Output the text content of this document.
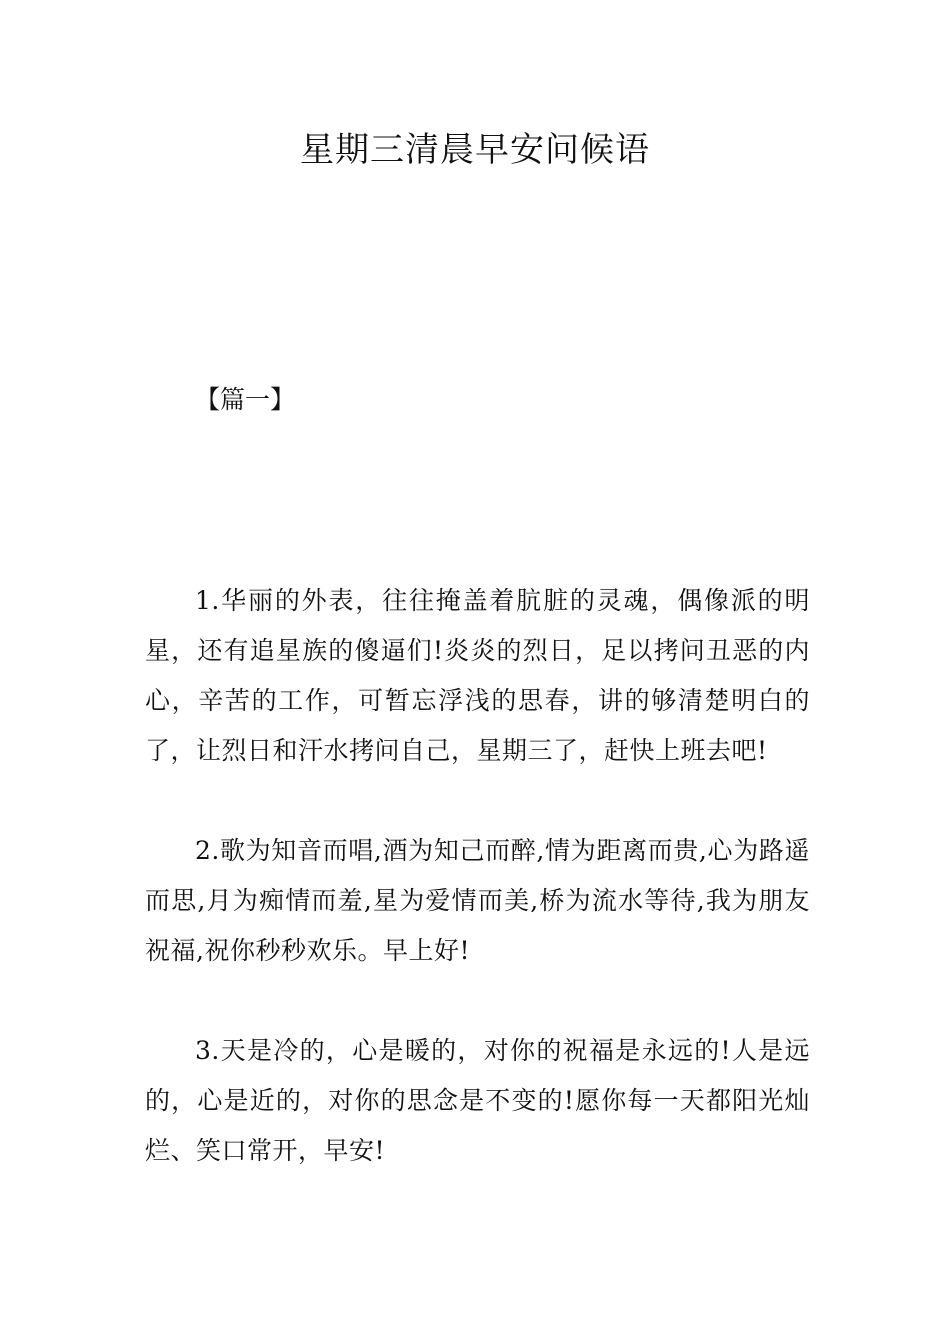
星期三清晨早安问候语

【篇一】

1.华丽的外表，往往掩盖着肮脏的灵魂，偶像派的明星，还有追星族的傻逼们!炎炎的烈日，足以拷问丑恶的内心，辛苦的工作，可暂忘浮浅的思春，讲的够清楚明白的了，让烈日和汗水拷问自己，星期三了，赶快上班去吧!

2.歌为知音而唱,酒为知己而醉,情为距离而贵,心为路遥而思,月为痴情而羞,星为爱情而美,桥为流水等待,我为朋友祝福,祝你秒秒欢乐。早上好!

3.天是冷的，心是暖的，对你的祝福是永远的!人是远的，心是近的，对你的思念是不变的!愿你每一天都阳光灿烂、笑口常开，早安!
